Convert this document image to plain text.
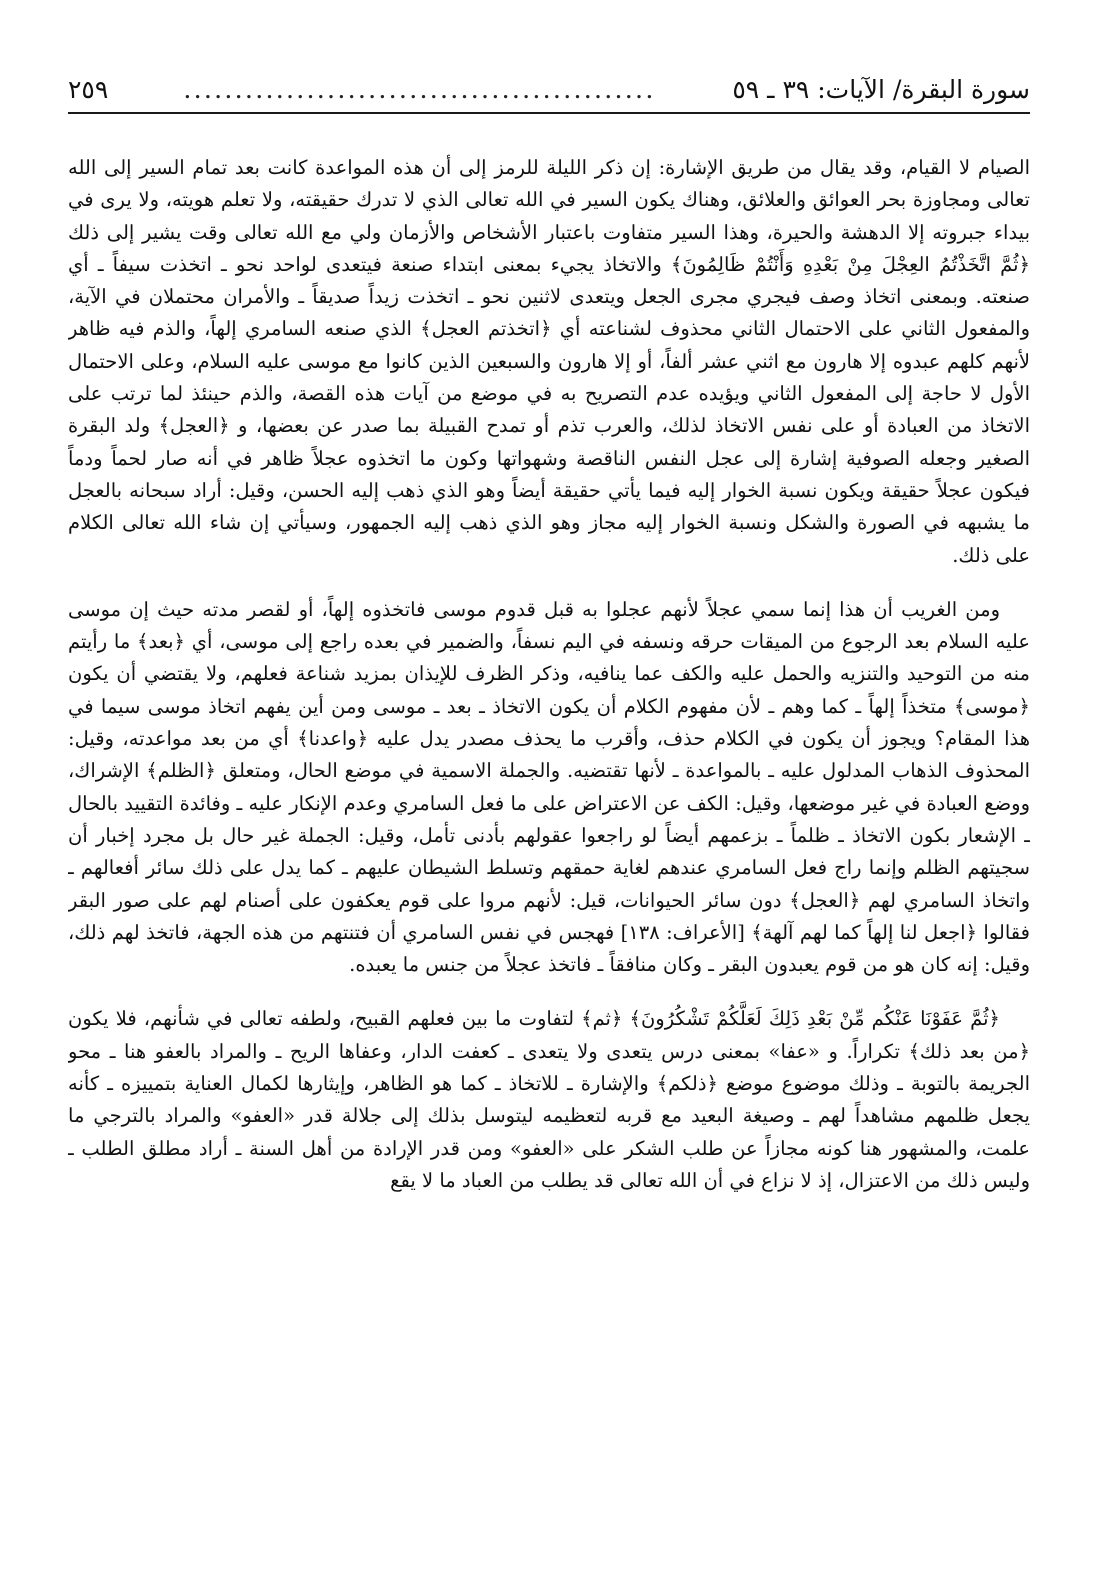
سورة البقرة/ الآيات: ٣٩ ـ ٥٩
..............................................
٢٥٩

الصيام لا القيام، وقد يقال من طريق الإشارة: إن ذكر الليلة للرمز إلى أن هذه المواعدة كانت بعد تمام السير إلى الله تعالى ومجاوزة بحر العوائق والعلائق، وهناك يكون السير في الله تعالى الذي لا تدرك حقيقته، ولا تعلم هويته، ولا يرى في بيداء جبروته إلا الدهشة والحيرة، وهذا السير متفاوت باعتبار الأشخاص والأزمان ولي مع الله تعالى وقت يشير إلى ذلك ﴿ثُمَّ اتَّخَذْتُمُ العِجْلَ مِنْ بَعْدِهِ وَأَنْتُمْ ظَالِمُونَ﴾ والاتخاذ يجيء بمعنى ابتداء صنعة فيتعدى لواحد نحو ـ اتخذت سيفاً ـ أي صنعته. وبمعنى اتخاذ وصف فيجري مجرى الجعل ويتعدى لاثنين نحو ـ اتخذت زيداً صديقاً ـ والأمران محتملان في الآية، والمفعول الثاني على الاحتمال الثاني محذوف لشناعته أي ﴿اتخذتم العجل﴾ الذي صنعه السامري إلهاً، والذم فيه ظاهر لأنهم كلهم عبدوه إلا هارون مع اثني عشر ألفاً، أو إلا هارون والسبعين الذين كانوا مع موسى عليه السلام، وعلى الاحتمال الأول لا حاجة إلى المفعول الثاني ويؤيده عدم التصريح به في موضع من آيات هذه القصة، والذم حينئذ لما ترتب على الاتخاذ من العبادة أو على نفس الاتخاذ لذلك، والعرب تذم أو تمدح القبيلة بما صدر عن بعضها، و ﴿العجل﴾ ولد البقرة الصغير وجعله الصوفية إشارة إلى عجل النفس الناقصة وشهواتها وكون ما اتخذوه عجلاً ظاهر في أنه صار لحماً ودماً فيكون عجلاً حقيقة ويكون نسبة الخوار إليه فيما يأتي حقيقة أيضاً وهو الذي ذهب إليه الحسن، وقيل: أراد سبحانه بالعجل ما يشبهه في الصورة والشكل ونسبة الخوار إليه مجاز وهو الذي ذهب إليه الجمهور، وسيأتي إن شاء الله تعالى الكلام على ذلك.

ومن الغريب أن هذا إنما سمي عجلاً لأنهم عجلوا به قبل قدوم موسى فاتخذوه إلهاً، أو لقصر مدته حيث إن موسى عليه السلام بعد الرجوع من الميقات حرقه ونسفه في اليم نسفاً، والضمير في بعده راجع إلى موسى، أي ﴿بعد﴾ ما رأيتم منه من التوحيد والتنزيه والحمل عليه والكف عما ينافيه، وذكر الظرف للإيذان بمزيد شناعة فعلهم، ولا يقتضي أن يكون ﴿موسى﴾ متخذاً إلهاً ـ كما وهم ـ لأن مفهوم الكلام أن يكون الاتخاذ ـ بعد ـ موسى ومن أين يفهم اتخاذ موسى سيما في هذا المقام؟ ويجوز أن يكون في الكلام حذف، وأقرب ما يحذف مصدر يدل عليه ﴿واعدنا﴾ أي من بعد مواعدته، وقيل: المحذوف الذهاب المدلول عليه ـ بالمواعدة ـ لأنها تقتضيه. والجملة الاسمية في موضع الحال، ومتعلق ﴿الظلم﴾ الإشراك، ووضع العبادة في غير موضعها، وقيل: الكف عن الاعتراض على ما فعل السامري وعدم الإنكار عليه ـ وفائدة التقييد بالحال ـ الإشعار بكون الاتخاذ ـ ظلماً ـ بزعمهم أيضاً لو راجعوا عقولهم بأدنى تأمل، وقيل: الجملة غير حال بل مجرد إخبار أن سجيتهم الظلم وإنما راج فعل السامري عندهم لغاية حمقهم وتسلط الشيطان عليهم ـ كما يدل على ذلك سائر أفعالهم ـ واتخاذ السامري لهم ﴿العجل﴾ دون سائر الحيوانات، قيل: لأنهم مروا على قوم يعكفون على أصنام لهم على صور البقر فقالوا ﴿اجعل لنا إلهاً كما لهم آلهة﴾ [الأعراف: ١٣٨] فهجس في نفس السامري أن فتنتهم من هذه الجهة، فاتخذ لهم ذلك، وقيل: إنه كان هو من قوم يعبدون البقر ـ وكان منافقاً ـ فاتخذ عجلاً من جنس ما يعبده.

﴿ثُمَّ عَفَوْنَا عَنْكُم مِّنْ بَعْدِ ذَلِكَ لَعَلَّكُمْ تَشْكُرُونَ﴾ ﴿ثم﴾ لتفاوت ما بين فعلهم القبيح، ولطفه تعالى في شأنهم، فلا يكون ﴿من بعد ذلك﴾ تكراراً. و «عفا» بمعنى درس يتعدى ولا يتعدى ـ كعفت الدار، وعفاها الريح ـ والمراد بالعفو هنا ـ محو الجريمة بالتوبة ـ وذلك موضوع موضع ﴿ذلكم﴾ والإشارة ـ للاتخاذ ـ كما هو الظاهر، وإيثارها لكمال العناية بتمييزه ـ كأنه يجعل ظلمهم مشاهداً لهم ـ وصيغة البعيد مع قربه لتعظيمه ليتوسل بذلك إلى جلالة قدر «العفو» والمراد بالترجي ما علمت، والمشهور هنا كونه مجازاً عن طلب الشكر على «العفو» ومن قدر الإرادة من أهل السنة ـ أراد مطلق الطلب ـ وليس ذلك من الاعتزال، إذ لا نزاع في أن الله تعالى قد يطلب من العباد ما لا يقع
